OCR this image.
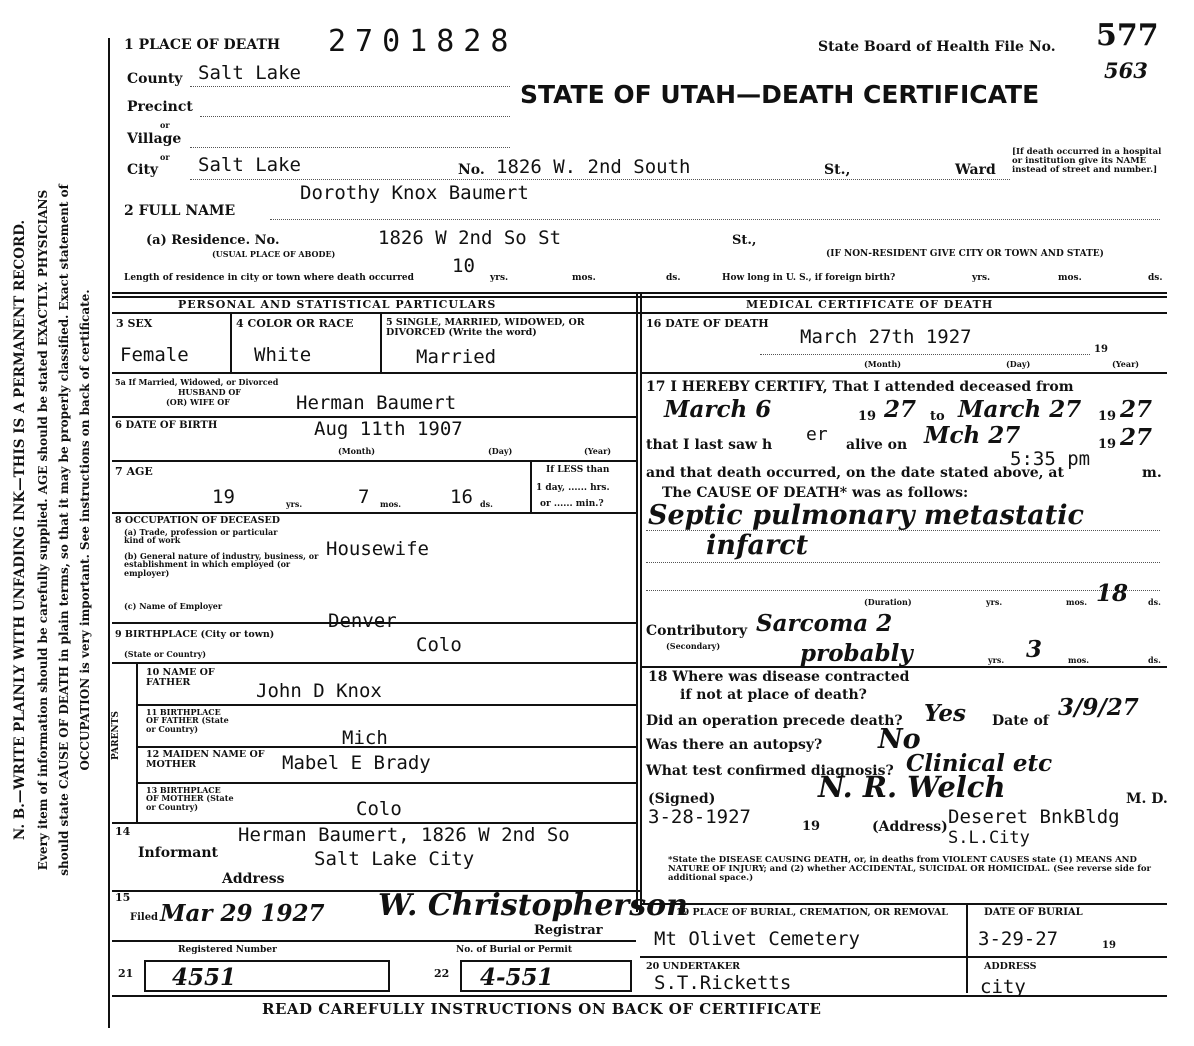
N. B.—WRITE PLAINLY WITH UNFADING INK—THIS IS A PERMANENT RECORD. Every item of information should be carefully supplied. AGE should be stated EXACTLY. PHYSICIANS should state CAUSE OF DEATH in plain terms, so that it may be properly classified. Exact statement of OCCUPATION is very important. See instructions on back of certificate.
1 PLACE OF DEATH 2701828	State Board of Health File No. 577
563
STATE OF UTAH—DEATH CERTIFICATE
County Salt Lake
Precinct
or
Village
or
City Salt Lake	No. 1826 W. 2nd South	St.,	Ward
[If death occurred in a hospital or institution give its NAME instead of street and number.]
Dorothy Knox Baumert
2 FULL NAME
(a) Residence. No.	1826 W 2nd So St	St.,
(USUAL PLACE OF ABODE)	(IF NON-RESIDENT GIVE CITY OR TOWN AND STATE)
Length of residence in city or town where death occurred
10
yrs.	mos.	ds.	How long in U. S., if foreign birth?	yrs.	mos.	ds.
PERSONAL AND STATISTICAL PARTICULARS	MEDICAL CERTIFICATE OF DEATH
3 SEX
Female
4 COLOR OR RACE
White
5 SINGLE, MARRIED, WIDOWED, OR DIVORCED (Write the word)
Married
5a If Married, Widowed, or Divorced
HUSBAND OF
(OR) WIFE OF	Herman Baumert
6 DATE OF BIRTH	Aug 11th 1907
(Month)	(Day)	(Year)
7 AGE
19	yrs.	7 mos.	16 ds.
If LESS than
1 day, ...... hrs.
or ...... min.?
8 OCCUPATION OF DECEASED
(a) Trade, profession or particular kind of work
(b) General nature of industry, business, or establishment in which employed (or employer)
Housewife
(c) Name of Employer
9 BIRTHPLACE (City or town)
Denver
(State or Country)	Colo
PARENTS
10 NAME OF FATHER	John D Knox
11 BIRTHPLACE OF FATHER (State or Country)	Mich
12 MAIDEN NAME OF MOTHER	Mabel E Brady
13 BIRTHPLACE OF MOTHER (State or Country)	Colo
14	Herman Baumert, 1826 W 2nd So
Informant	Salt Lake City
Address
15
Filed Mar 29 1927 W. Christopherson
Registrar
Registered Number	No. of Burial or Permit
21 4551	22 4-551
16 DATE OF DEATH
March 27th 1927
(Month)	(Day)	(Year)
19
17 I HEREBY CERTIFY, That I attended deceased from
March 6	19 27 to March 27 19 27
that I last saw h er alive on Mch 27	19 27
and that death occurred, on the date stated above, at
5:35 pm
m.
The CAUSE OF DEATH* was as follows:
Septic pulmonary metastatic
infarct
(Duration)	yrs.	mos. 18 ds.
Contributory Sarcoma 2
(Secondary)	probably	yrs. 3	mos.	ds.
18 Where was disease contracted
if not at place of death?
Did an operation precede death? Yes Date of 3/9/27
Was there an autopsy? No
What test confirmed diagnosis? Clinical etc
(Signed)	N. R. Welch	M. D.
3-28-1927	19	(Address) Deseret BnkBldg
S.L.City
*State the DISEASE CAUSING DEATH, or, in deaths from VIOLENT CAUSES state (1) MEANS AND NATURE OF INJURY; and (2) whether ACCIDENTAL, SUICIDAL OR HOMICIDAL. (See reverse side for additional space.)
19 PLACE OF BURIAL, CREMATION, OR REMOVAL
Mt Olivet Cemetery
DATE OF BURIAL
3-29-27	19
20 UNDERTAKER
S.T.Ricketts
ADDRESS
city
READ CAREFULLY INSTRUCTIONS ON BACK OF CERTIFICATE
